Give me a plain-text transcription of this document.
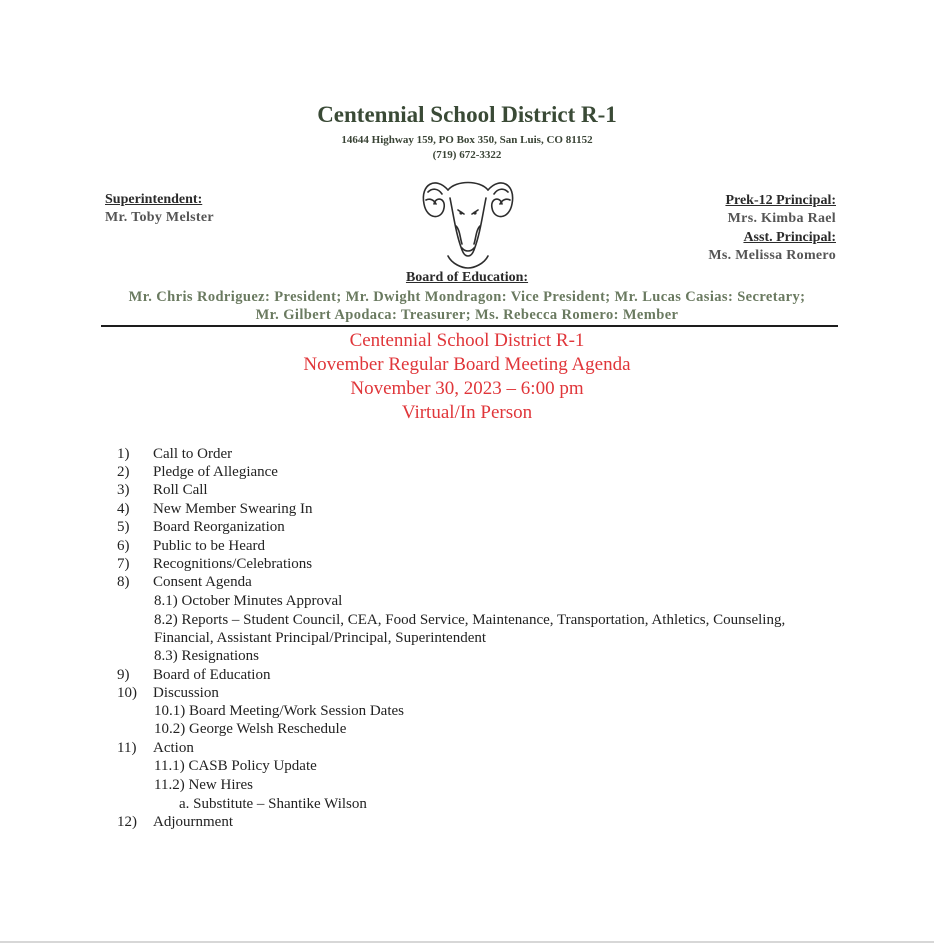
Centennial School District R-1
14644 Highway 159, PO Box 350, San Luis, CO 81152
(719) 672-3322
Superintendent:
Mr. Toby Melster
Prek-12 Principal:
Mrs. Kimba Rael
Asst. Principal:
Ms. Melissa Romero
Board of Education:
Mr. Chris Rodriguez: President; Mr. Dwight Mondragon: Vice President; Mr. Lucas Casias: Secretary;
Mr. Gilbert Apodaca: Treasurer; Ms. Rebecca Romero: Member
Centennial School District R-1
November Regular Board Meeting Agenda
November 30, 2023 – 6:00 pm
Virtual/In Person
1) Call to Order
2) Pledge of Allegiance
3) Roll Call
4) New Member Swearing In
5) Board Reorganization
6) Public to be Heard
7) Recognitions/Celebrations
8) Consent Agenda
8.1) October Minutes Approval
8.2) Reports – Student Council, CEA, Food Service, Maintenance, Transportation, Athletics, Counseling,
Financial, Assistant Principal/Principal, Superintendent
8.3) Resignations
9) Board of Education
10) Discussion
10.1) Board Meeting/Work Session Dates
10.2) George Welsh Reschedule
11) Action
11.1) CASB Policy Update
11.2) New Hires
a. Substitute – Shantike Wilson
12) Adjournment
